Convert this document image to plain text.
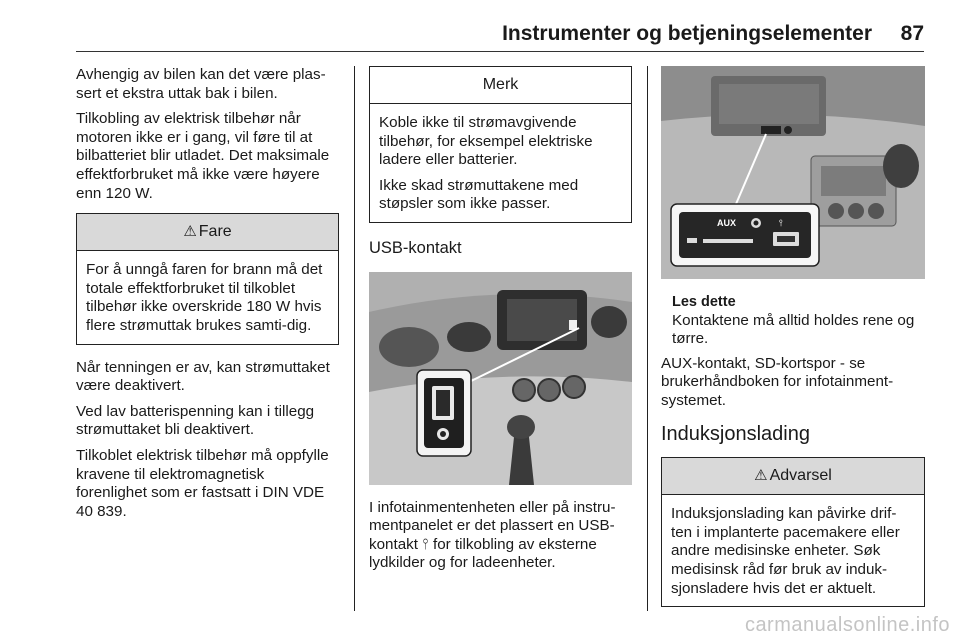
Instrumenter og betjeningselementer 87

Avhengig av bilen kan det være plas-sert et ekstra uttak bak i bilen.

Tilkobling av elektrisk tilbehør når motoren ikke er i gang, vil føre til at bilbatteriet blir utladet. Det maksimale effektforbruket må ikke være høyere enn 120 W.

⚠ Fare

For å unngå faren for brann må det totale effektforbruket til tilkoblet tilbehør ikke overskride 180 W hvis flere strømuttak brukes samti-dig.

Når tenningen er av, kan strømuttaket være deaktivert.

Ved lav batterispenning kan i tillegg strømuttaket bli deaktivert.

Tilkoblet elektrisk tilbehør må oppfylle kravene til elektromagnetisk forenlighet som er fastsatt i DIN VDE 40 839.

Merk

Koble ikke til strømavgivende tilbehør, for eksempel elektriske ladere eller batterier.

Ikke skad strømuttakene med støpsler som ikke passer.

USB-kontakt

I infotainmentenheten eller på instru-mentpanelet er det plassert en USB-kontakt ⫯ for tilkobling av eksterne lydkilder og for ladeenheter.

AUX	⫯
Les dette
Kontaktene må alltid holdes rene og tørre.

AUX-kontakt, SD-kortspor - se brukerhåndboken for infotainment-systemet.

Induksjonslading
⚠ Advarsel

Induksjonslading kan påvirke drif-ten i implanterte pacemakere eller andre medisinske enheter. Søk medisinsk råd før bruk av induk-sjonsladere hvis det er aktuelt.

carmanualsonline.info
